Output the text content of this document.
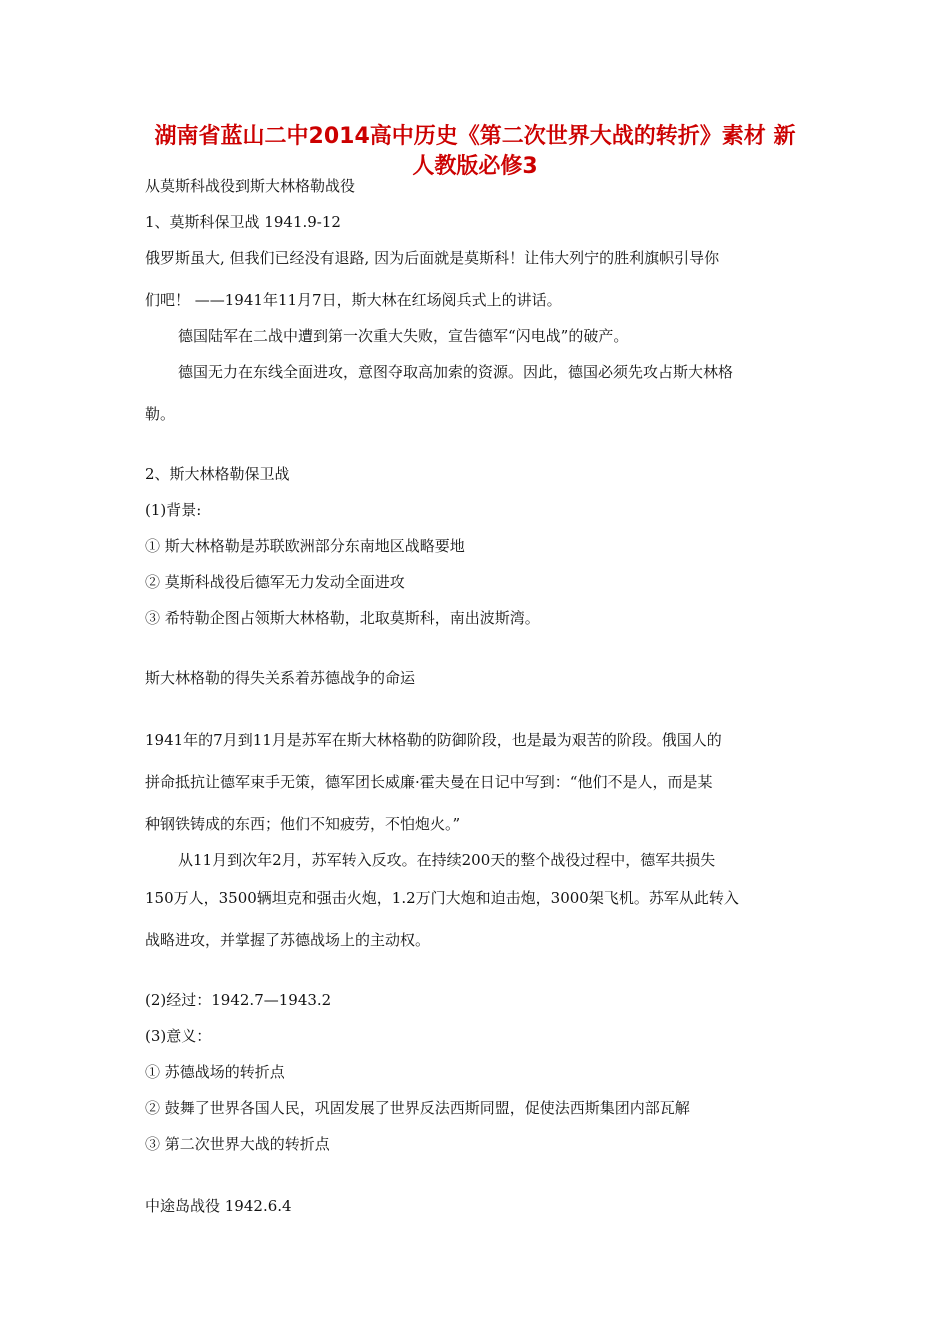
湖南省蓝山二中2014高中历史《第二次世界大战的转折》素材 新
人教版必修3
从莫斯科战役到斯大林格勒战役
1、莫斯科保卫战 1941.9-12
俄罗斯虽大, 但我们已经没有退路, 因为后面就是莫斯科！让伟大列宁的胜利旗帜引导你
们吧！ ——1941年11月7日，斯大林在红场阅兵式上的讲话。
德国陆军在二战中遭到第一次重大失败，宣告德军“闪电战”的破产。
德国无力在东线全面进攻，意图夺取高加索的资源。因此，德国必须先攻占斯大林格
勒。
2、斯大林格勒保卫战
(1)背景:
① 斯大林格勒是苏联欧洲部分东南地区战略要地
② 莫斯科战役后德军无力发动全面进攻
③ 希特勒企图占领斯大林格勒，北取莫斯科，南出波斯湾。
斯大林格勒的得失关系着苏德战争的命运
1941年的7月到11月是苏军在斯大林格勒的防御阶段，也是最为艰苦的阶段。俄国人的
拼命抵抗让德军束手无策，德军团长威廉·霍夫曼在日记中写到：“他们不是人，而是某
种钢铁铸成的东西；他们不知疲劳，不怕炮火。”
从11月到次年2月，苏军转入反攻。在持续200天的整个战役过程中，德军共损失
150万人，3500辆坦克和强击火炮，1.2万门大炮和迫击炮，3000架飞机。苏军从此转入
战略进攻，并掌握了苏德战场上的主动权。
(2)经过：1942.7—1943.2
(3)意义：
① 苏德战场的转折点
② 鼓舞了世界各国人民，巩固发展了世界反法西斯同盟，促使法西斯集团内部瓦解
③ 第二次世界大战的转折点
中途岛战役 1942.6.4
